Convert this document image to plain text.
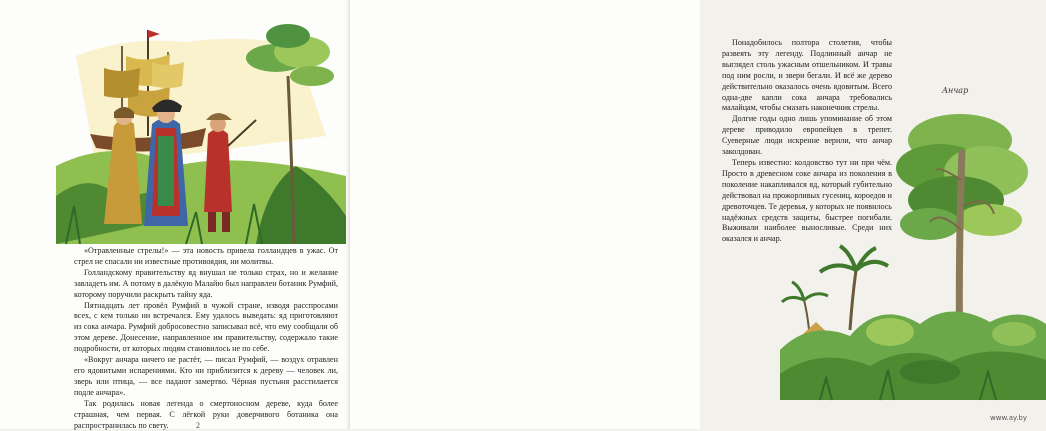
«Отравленные стрелы!» — эта новость привела голландцев в ужас. От стрел не спасали ни известные противоядия, ни молитвы.

Голландскому правительству яд внушал не только страх, но и желание завладеть им. А потому в далёкую Малайю был направлен ботаник Румфий, которому поручили раскрыть тайну яда.

Пятнадцать лет провёл Румфий в чужой стране, изводя расспросами всех, с кем только ни встречался. Ему удалось выведать: яд приготовляют из сока анчара. Румфий добросовестно записывал всё, что ему сообщали об этом дереве. Донесение, направленное им правительству, содержало такие подробности, от которых людям становилось не по себе.

«Вокруг анчара ничего не растёт, — писал Румфий, — воздух отравлен его ядовитыми испарениями. Кто ни приблизится к дереву — человек ли, зверь или птица, — все падают замертво. Чёрная пустыня расстилается подле анчара».

Так родилась новая легенда о смертоносном дереве, куда более страшная, чем первая. С лёгкой руки доверчивого ботаника она распространилась по свету.	2

Понадобилось полтора столетия, чтобы развеять эту легенду. Подлинный анчар не выглядел столь ужасным отшельником. И травы под ним росли, и звери бегали. И всё же дерево действительно оказалось очень ядовитым. Всего одна-две капли сока анчара требовались малайцам, чтобы смазать наконечник стрелы.

Долгие годы одно лишь упоминание об этом дереве приводило европейцев в трепет. Суеверные люди искренне верили, что анчар заколдован.

Теперь известно: колдовство тут ни при чём. Просто в древесном соке анчара из поколения в поколение накапливался яд, который губительно действовал на прожорливых гусениц, короедов и древоточцев. Те деревья, у которых не появилось надёжных средств защиты, быстрее погибали. Выживали наиболее выносливые. Среди них оказался и анчар.

Анчар
www.ay.by
